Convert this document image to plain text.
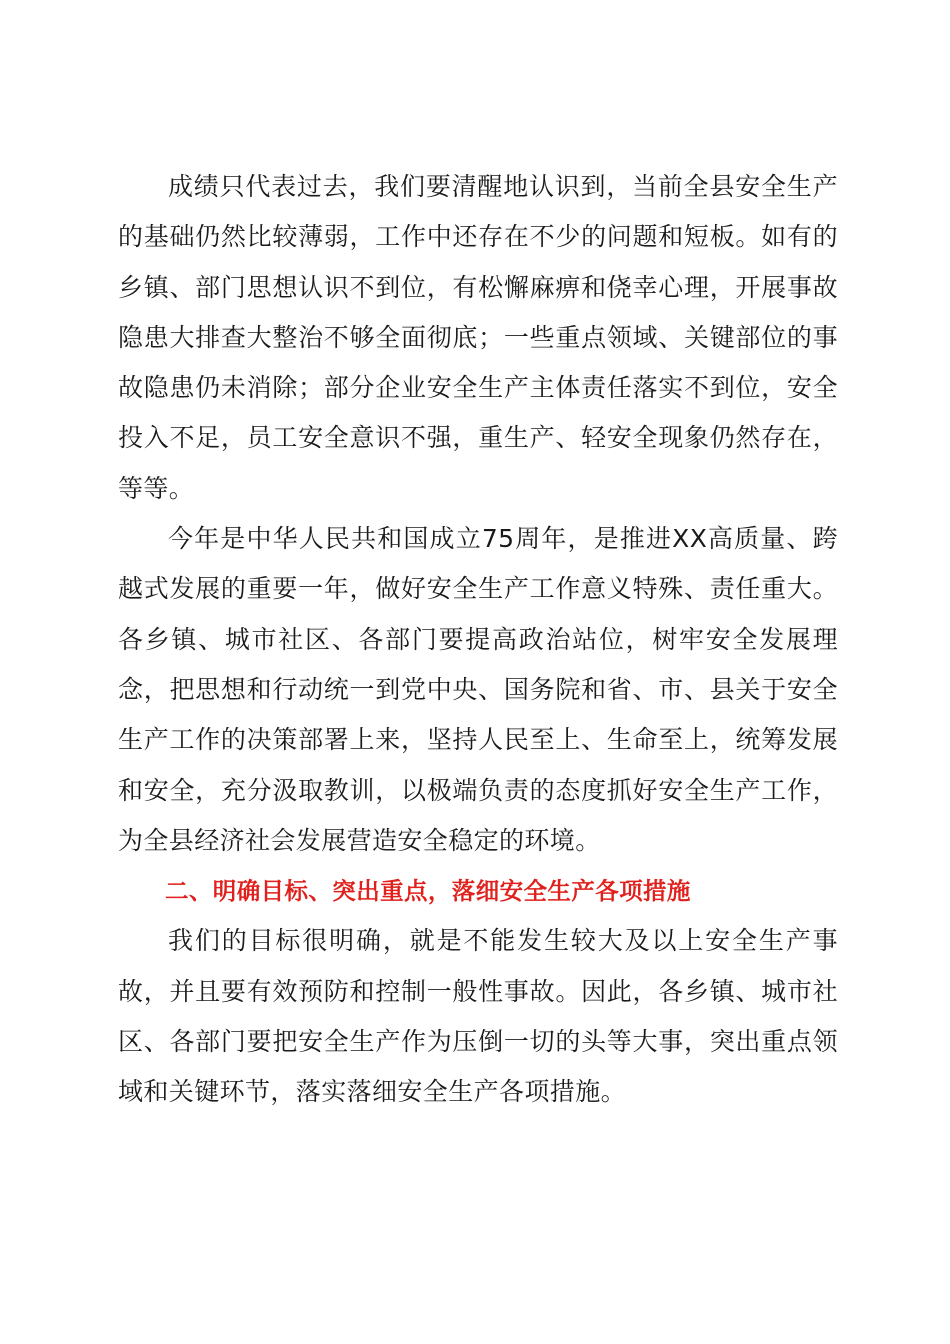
成绩只代表过去，我们要清醒地认识到，当前全县安全生产的基础仍然比较薄弱，工作中还存在不少的问题和短板。如有的乡镇、部门思想认识不到位，有松懈麻痹和侥幸心理，开展事故隐患大排查大整治不够全面彻底；一些重点领域、关键部位的事故隐患仍未消除；部分企业安全生产主体责任落实不到位，安全投入不足，员工安全意识不强，重生产、轻安全现象仍然存在，等等。

今年是中华人民共和国成立75周年，是推进XX高质量、跨越式发展的重要一年，做好安全生产工作意义特殊、责任重大。各乡镇、城市社区、各部门要提高政治站位，树牢安全发展理念，把思想和行动统一到党中央、国务院和省、市、县关于安全生产工作的决策部署上来，坚持人民至上、生命至上，统筹发展和安全，充分汲取教训，以极端负责的态度抓好安全生产工作，为全县经济社会发展营造安全稳定的环境。

二、明确目标、突出重点，落细安全生产各项措施

我们的目标很明确，就是不能发生较大及以上安全生产事故，并且要有效预防和控制一般性事故。因此，各乡镇、城市社区、各部门要把安全生产作为压倒一切的头等大事，突出重点领域和关键环节，落实落细安全生产各项措施。
